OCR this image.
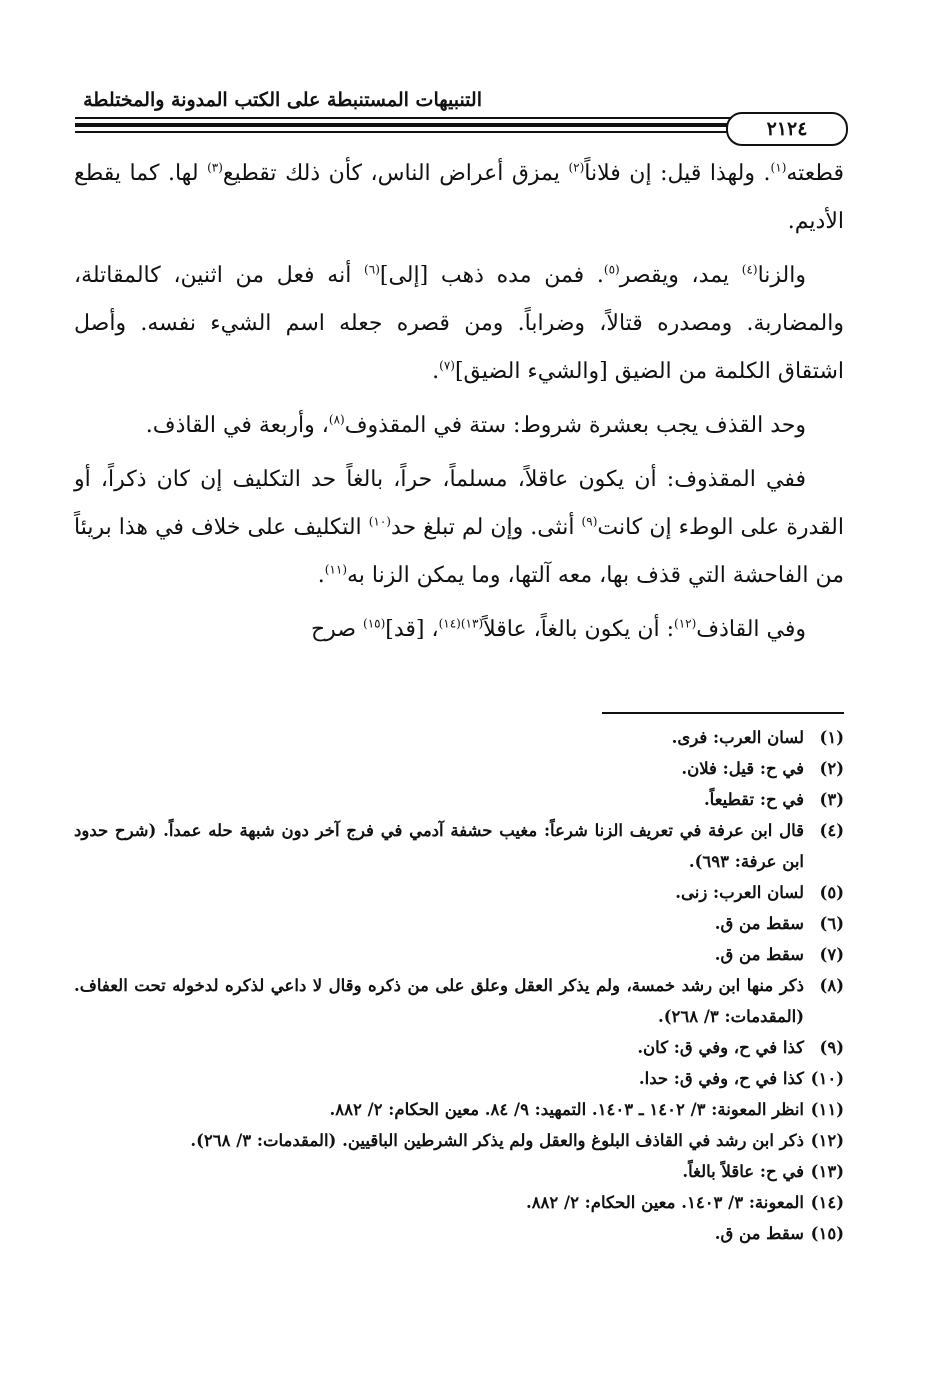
التنبيهات المستنبطة على الكتب المدونة والمختلطة
٢١٢٤

قطعته$^{(١)}$. ولهذا قيل: إن فلاناً$^{(٢)}$ يمزق أعراض الناس، كأن ذلك تقطيع$^{(٣)}$ لها. كما يقطع الأديم.

والزنا$^{(٤)}$ يمد، ويقصر$^{(٥)}$. فمن مده ذهب [إلى]$^{(٦)}$ أنه فعل من اثنين، كالمقاتلة، والمضاربة. ومصدره قتالاً، وضراباً. ومن قصره جعله اسم الشيء نفسه. وأصل اشتقاق الكلمة من الضيق [والشيء الضيق]$^{(٧)}$.

وحد القذف يجب بعشرة شروط: ستة في المقذوف$^{(٨)}$، وأربعة في القاذف.

ففي المقذوف: أن يكون عاقلاً، مسلماً، حراً، بالغاً حد التكليف إن كان ذكراً، أو القدرة على الوطء إن كانت$^{(٩)}$ أنثى. وإن لم تبلغ حد$^{(١٠)}$ التكليف على خلاف في هذا بريئاً من الفاحشة التي قذف بها، معه آلتها، وما يمكن الزنا به$^{(١١)}$.

وفي القاذف$^{(١٢)}$: أن يكون بالغاً، عاقلاً$^{(١٣)(١٤)}$، [قد]$^{(١٥)}$ صرح

(١)
لسان العرب: فرى.
(٢)
في ح: قيل: فلان.
(٣)
في ح: تقطيعاً.
(٤)
قال ابن عرفة في تعريف الزنا شرعاً: مغيب حشفة آدمي في فرج آخر دون شبهة حله عمداً. (شرح حدود ابن عرفة: ٦٩٣).
(٥)
لسان العرب: زنى.
(٦)
سقط من ق.
(٧)
سقط من ق.
(٨)
ذكر منها ابن رشد خمسة، ولم يذكر العقل وعلق على من ذكره وقال لا داعي لذكره لدخوله تحت العفاف. (المقدمات: ٣/ ٢٦٨).
(٩)
كذا في ح، وفي ق: كان.
(١٠)
كذا في ح، وفي ق: حدا.
(١١)
انظر المعونة: ٣/ ١٤٠٢ ـ ١٤٠٣. التمهيد: ٩/ ٨٤. معين الحكام: ٢/ ٨٨٢.
(١٢)
ذكر ابن رشد في القاذف البلوغ والعقل ولم يذكر الشرطين الباقيين. (المقدمات: ٣/ ٢٦٨).
(١٣)
في ح: عاقلاً بالغاً.
(١٤)
المعونة: ٣/ ١٤٠٣. معين الحكام: ٢/ ٨٨٢.
(١٥)
سقط من ق.
